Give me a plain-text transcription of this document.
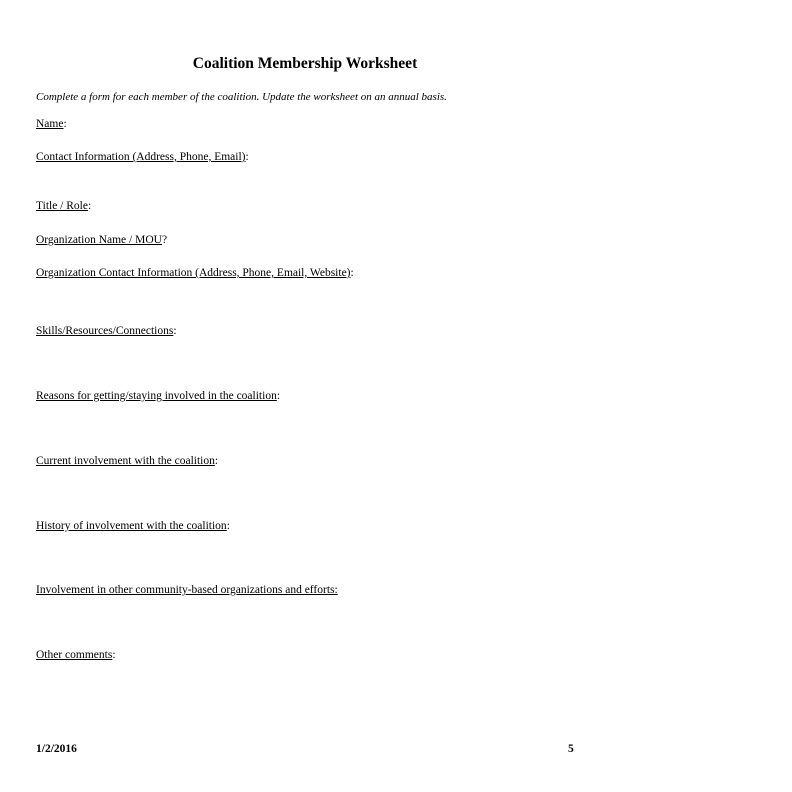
Coalition Membership Worksheet
Complete a form for each member of the coalition. Update the worksheet on an annual basis.
Name:
Contact Information (Address, Phone, Email):
Title / Role:
Organization Name / MOU?
Organization Contact Information (Address, Phone, Email, Website):
Skills/Resources/Connections:
Reasons for getting/staying involved in the coalition:
Current involvement with the coalition:
History of involvement with the coalition:
Involvement in other community-based organizations and efforts:
Other comments:
1/2/2016	5
